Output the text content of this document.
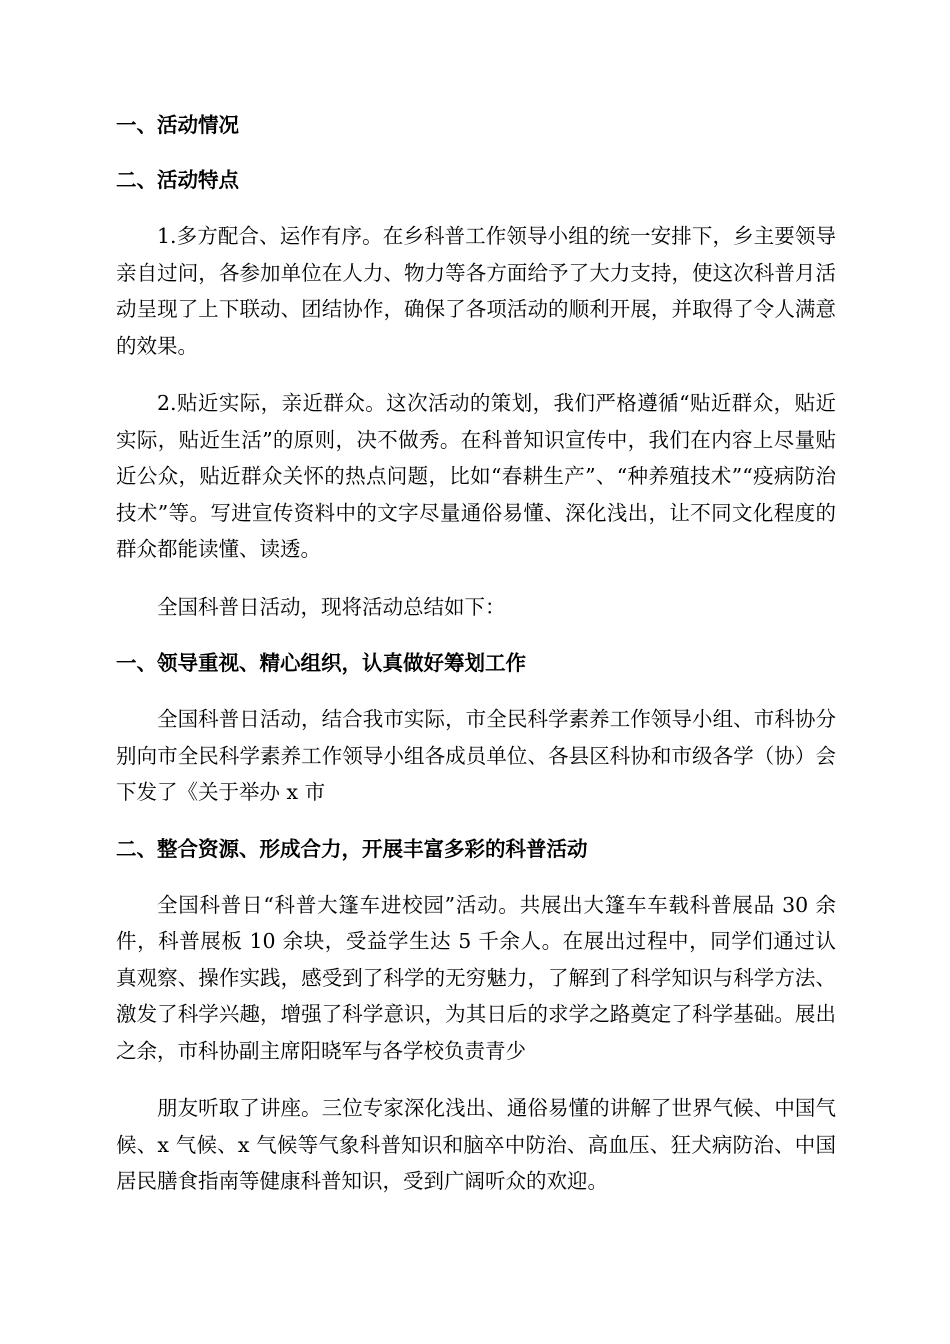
一、活动情况
二、活动特点

1.多方配合、运作有序。在乡科普工作领导小组的统一安排下，乡主要领导亲自过问，各参加单位在人力、物力等各方面给予了大力支持，使这次科普月活动呈现了上下联动、团结协作，确保了各项活动的顺利开展，并取得了令人满意的效果。

2.贴近实际，亲近群众。这次活动的策划，我们严格遵循“贴近群众，贴近实际，贴近生活”的原则，决不做秀。在科普知识宣传中，我们在内容上尽量贴近公众，贴近群众关怀的热点问题，比如“春耕生产”、“种养殖技术”“疫病防治技术”等。写进宣传资料中的文字尽量通俗易懂、深化浅出，让不同文化程度的群众都能读懂、读透。

全国科普日活动，现将活动总结如下：

一、领导重视、精心组织，认真做好筹划工作

全国科普日活动，结合我市实际，市全民科学素养工作领导小组、市科协分别向市全民科学素养工作领导小组各成员单位、各县区科协和市级各学（协）会下发了《关于举办 x 市

二、整合资源、形成合力，开展丰富多彩的科普活动

全国科普日“科普大篷车进校园”活动。共展出大篷车车载科普展品 30 余件，科普展板 10 余块，受益学生达 5 千余人。在展出过程中，同学们通过认真观察、操作实践，感受到了科学的无穷魅力，了解到了科学知识与科学方法、激发了科学兴趣，增强了科学意识，为其日后的求学之路奠定了科学基础。展出之余，市科协副主席阳晓军与各学校负责青少

朋友听取了讲座。三位专家深化浅出、通俗易懂的讲解了世界气候、中国气候、x 气候、x 气候等气象科普知识和脑卒中防治、高血压、狂犬病防治、中国居民膳食指南等健康科普知识，受到广阔听众的欢迎。
